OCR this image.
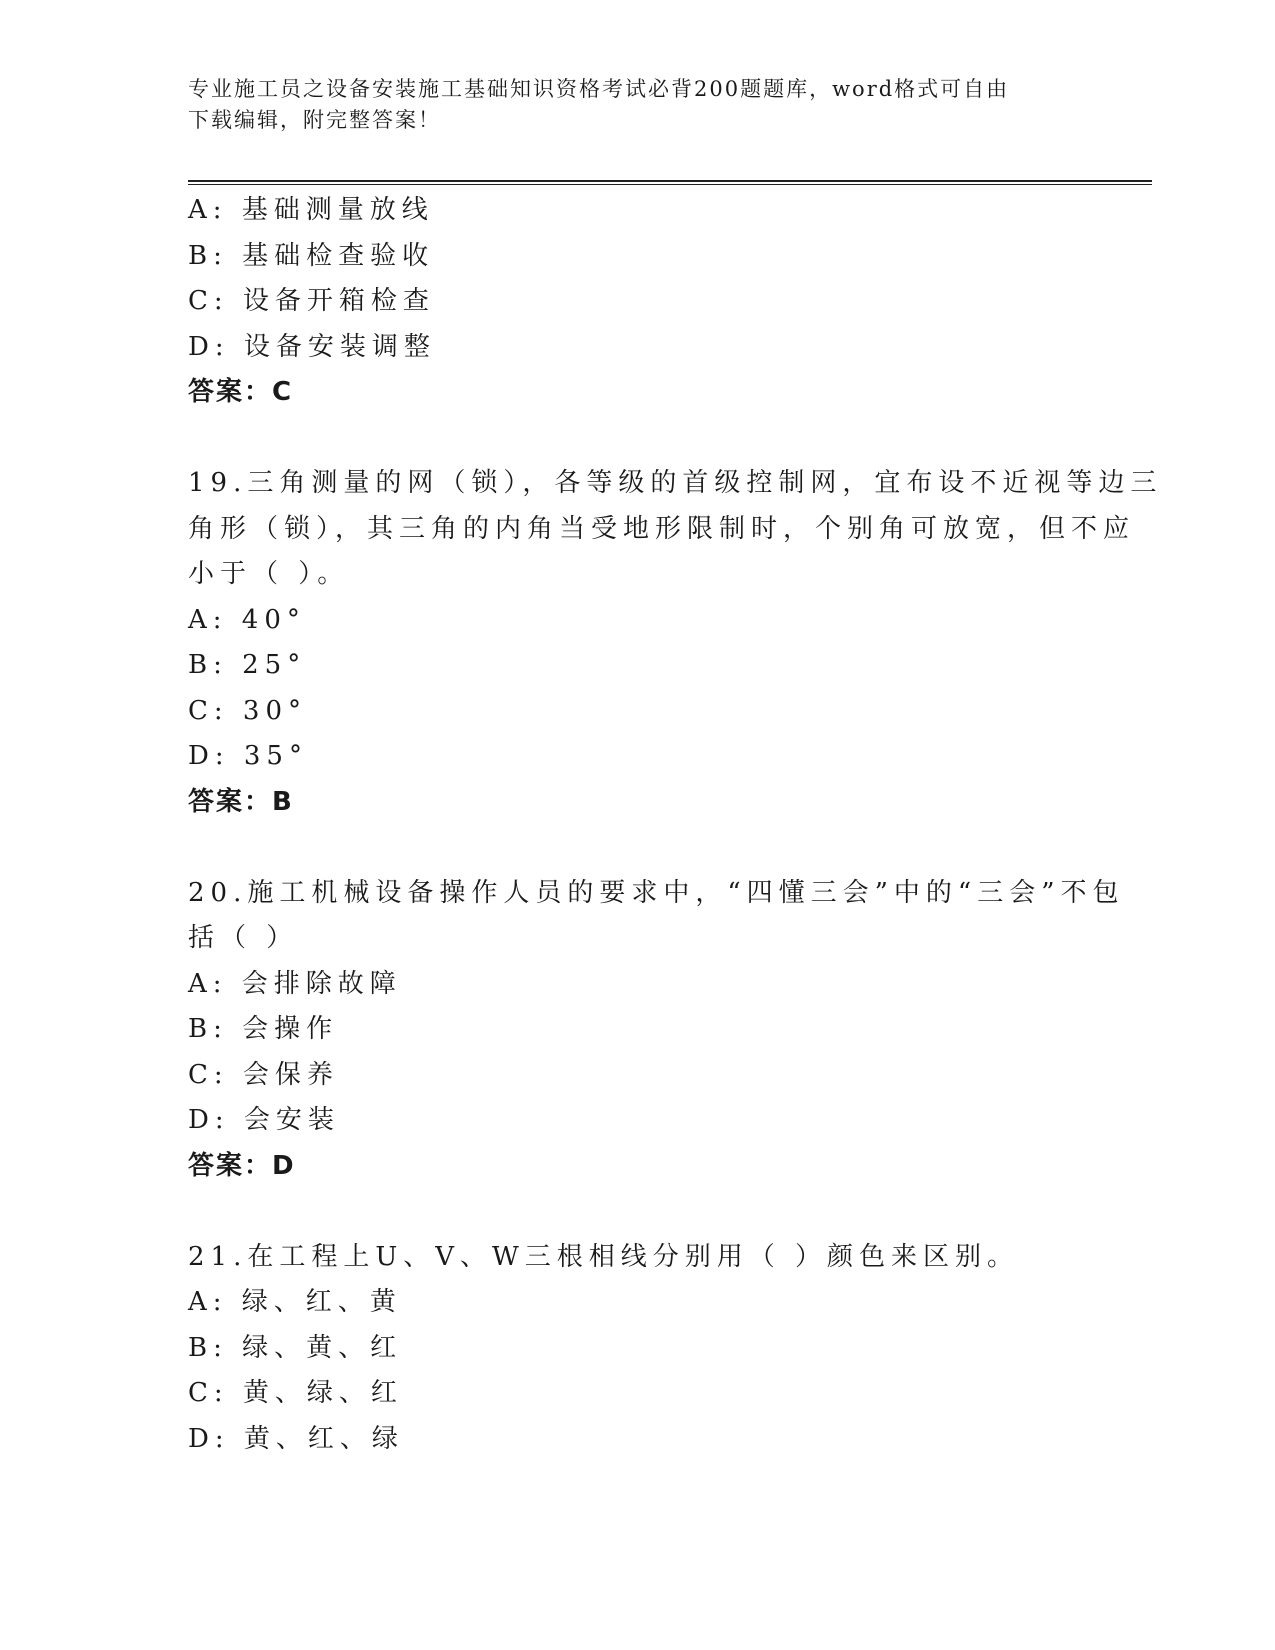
专业施工员之设备安装施工基础知识资格考试必背200题题库，word格式可自由
下载编辑，附完整答案！
A: 基础测量放线
B: 基础检查验收
C: 设备开箱检查
D: 设备安装调整
答案：C
19.三角测量的网（锁），各等级的首级控制网，宜布设不近视等边三
角形（锁），其三角的内角当受地形限制时，个别角可放宽，但不应
小于（ ）。
A: 40°
B: 25°
C: 30°
D: 35°
答案：B
20.施工机械设备操作人员的要求中，“四懂三会”中的“三会”不包
括（ ）
A: 会排除故障
B: 会操作
C: 会保养
D: 会安装
答案：D
21.在工程上U、V、W三根相线分别用（ ）颜色来区别。
A: 绿、红、黄
B: 绿、黄、红
C: 黄、绿、红
D: 黄、红、绿
